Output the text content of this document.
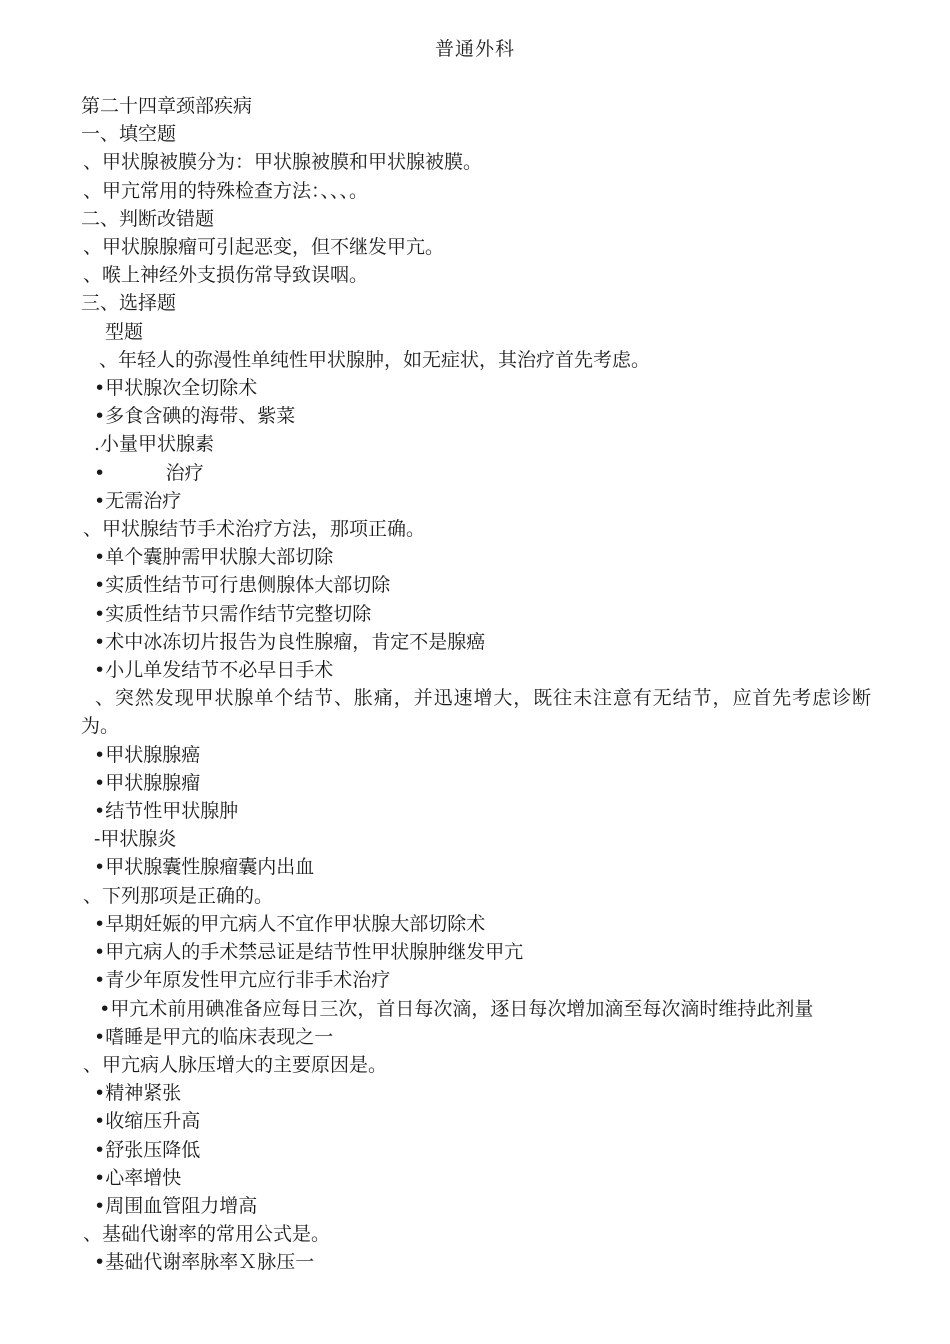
普通外科
第二十四章颈部疾病
一、填空题
、甲状腺被膜分为：甲状腺被膜和甲状腺被膜。
、甲亢常用的特殊检查方法：、、、。
二、判断改错题
、甲状腺腺瘤可引起恶变，但不继发甲亢。
、喉上神经外支损伤常导致误咽。
三、选择题
型题
、年轻人的弥漫性单纯性甲状腺肿，如无症状，其治疗首先考虑。
•甲状腺次全切除术
•多食含碘的海带、紫菜
.小量甲状腺素
•          治疗
•无需治疗
、甲状腺结节手术治疗方法，那项正确。
•单个囊肿需甲状腺大部切除
•实质性结节可行患侧腺体大部切除
•实质性结节只需作结节完整切除
•术中冰冻切片报告为良性腺瘤，肯定不是腺癌
•小儿单发结节不必早日手术
、突然发现甲状腺单个结节、胀痛，并迅速增大，既往未注意有无结节，应首先考虑诊断为。
•甲状腺腺癌
•甲状腺腺瘤
•结节性甲状腺肿
-甲状腺炎
•甲状腺囊性腺瘤囊内出血
、下列那项是正确的。
•早期妊娠的甲亢病人不宜作甲状腺大部切除术
•甲亢病人的手术禁忌证是结节性甲状腺肿继发甲亢
•青少年原发性甲亢应行非手术治疗
•甲亢术前用碘准备应每日三次，首日每次滴，逐日每次增加滴至每次滴时维持此剂量
•嗜睡是甲亢的临床表现之一
、甲亢病人脉压增大的主要原因是。
•精神紧张
•收缩压升高
•舒张压降低
•心率增快
•周围血管阻力增高
、基础代谢率的常用公式是。
•基础代谢率脉率Ｘ脉压一
